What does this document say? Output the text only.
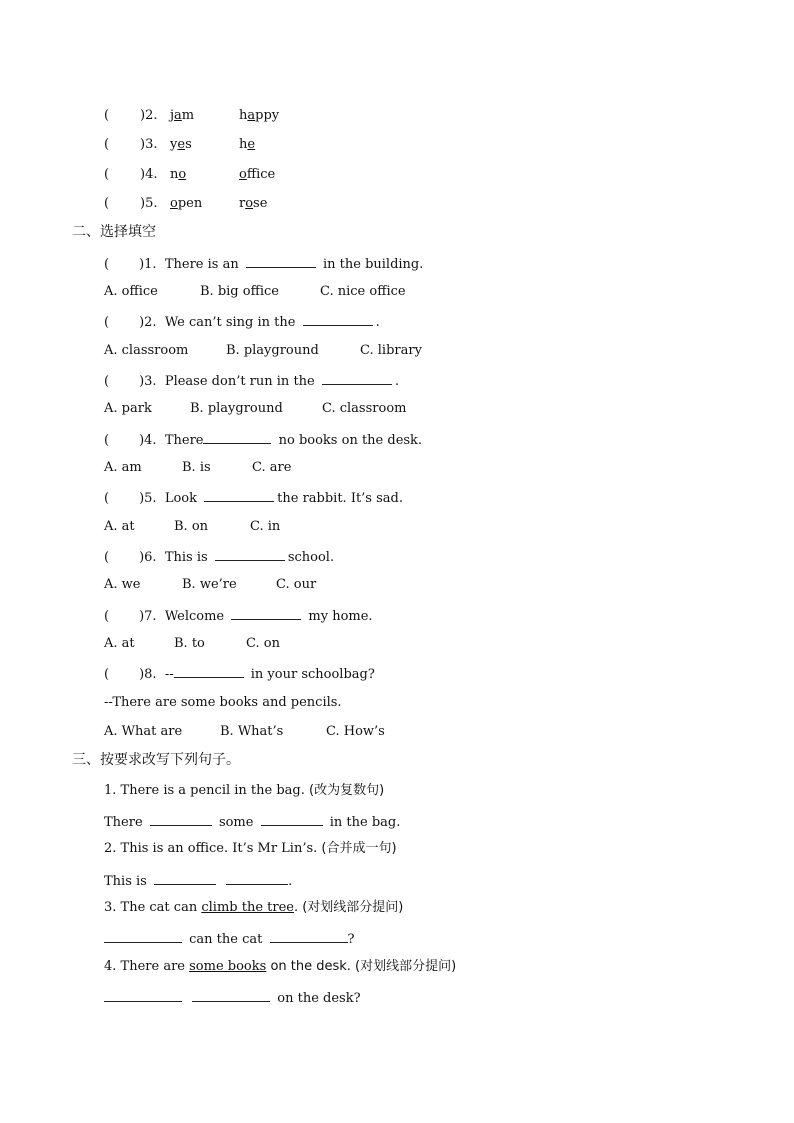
( )2. jam	happy
( )3. yes	he
( )4. no	office
( )5. open	rose
二、选择填空
( )1. There is an	in the building.
A. office	B. big office	C. nice office
( )2. We can’t sing in the	.
A. classroom	B. playground	C. library
( )3. Please don’t run in the	.
A. park	B. playground	C. classroom
( )4. There	no books on the desk.
A. am	B. is	C. are
( )5. Look	the rabbit. It’s sad.
A. at	B. on	C. in
( )6. This is	school.
A. we	B. we’re	C. our
( )7. Welcome	my home.
A. at	B. to	C. on
( )8. --	in your schoolbag?
--There are some books and pencils.
A. What are	B. What’s	C. How’s
三、按要求改写下列句子。
1. There is a pencil in the bag. (改为复数句)
There	some	in the bag.
2. This is an office. It’s Mr Lin’s. (合并成一句)
This is	.
3. The cat can climb the tree. (对划线部分提问)
can the cat	?
4. There are some books on the desk. (对划线部分提问)
on the desk?
